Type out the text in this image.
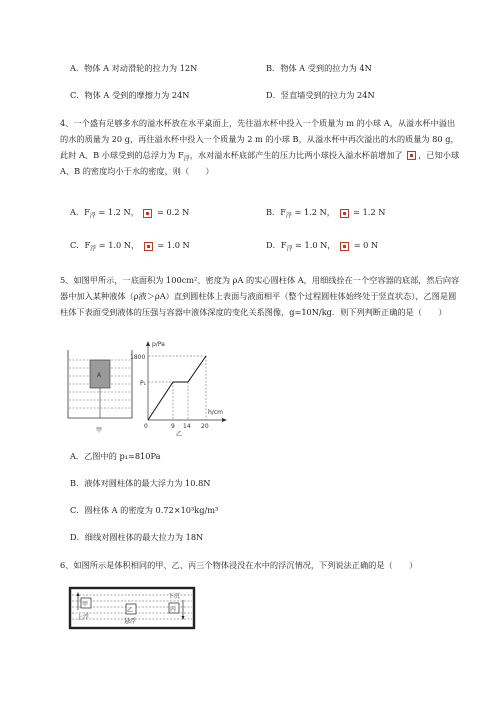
A．物体 A 对动滑轮的拉力为 12N	B．物体 A 受到的拉力为 4N
C．物体 A 受到的摩擦力为 24N	D．竖直墙受到的拉力为 24N
4、一个盛有足够多水的溢水杯放在水平桌面上，先往溢水杯中投入一个质量为 m 的小球 A，从溢水杯中溢出的水的质量为 20 g，再往溢水杯中投入一个质量为 2 m 的小球 B，从溢水杯中再次溢出的水的质量为 80 g，此时 A、B 小球受到的总浮力为 $F_浮$，水对溢水杯底部产生的压力比两小球投入溢水杯前增加了 ，已知小球 A、B 的密度均小于水的密度，则（　　）
A．$F_浮 = 1.2$ N，  = 0.2 N	B．$F_浮 = 1.2$ N，  = 1.2 N
C．$F_浮 = 1.0$ N，  = 1.0 N	D．$F_浮 = 1.0$ N，  = 0 N
5、如图甲所示，一底面积为 100cm²、密度为 ρA 的实心圆柱体 A，用细线拴在一个空容器的底部，然后向容器中加入某种液体（ρ液＞ρA）直到圆柱体上表面与液面相平（整个过程圆柱体始终处于竖直状态），乙图是圆柱体下表面受到液体的压强与容器中液体深度的变化关系图像，g=10N/kg．则下列判断正确的是（　　）
A
甲
p/Pa
1800
P₁
h/cm
0	9 14 20
乙
A．乙图中的 p₁=810Pa
B．液体对圆柱体的最大浮力为 10.8N
C．圆柱体 A 的密度为 0.72×10³kg/m³
D．细线对圆柱体的最大拉力为 18N
6、如图所示是体积相同的甲、乙、丙三个物体浸没在水中的浮沉情况，下列说法正确的是（　　）
甲
上浮
乙
悬浮
下沉
丙
